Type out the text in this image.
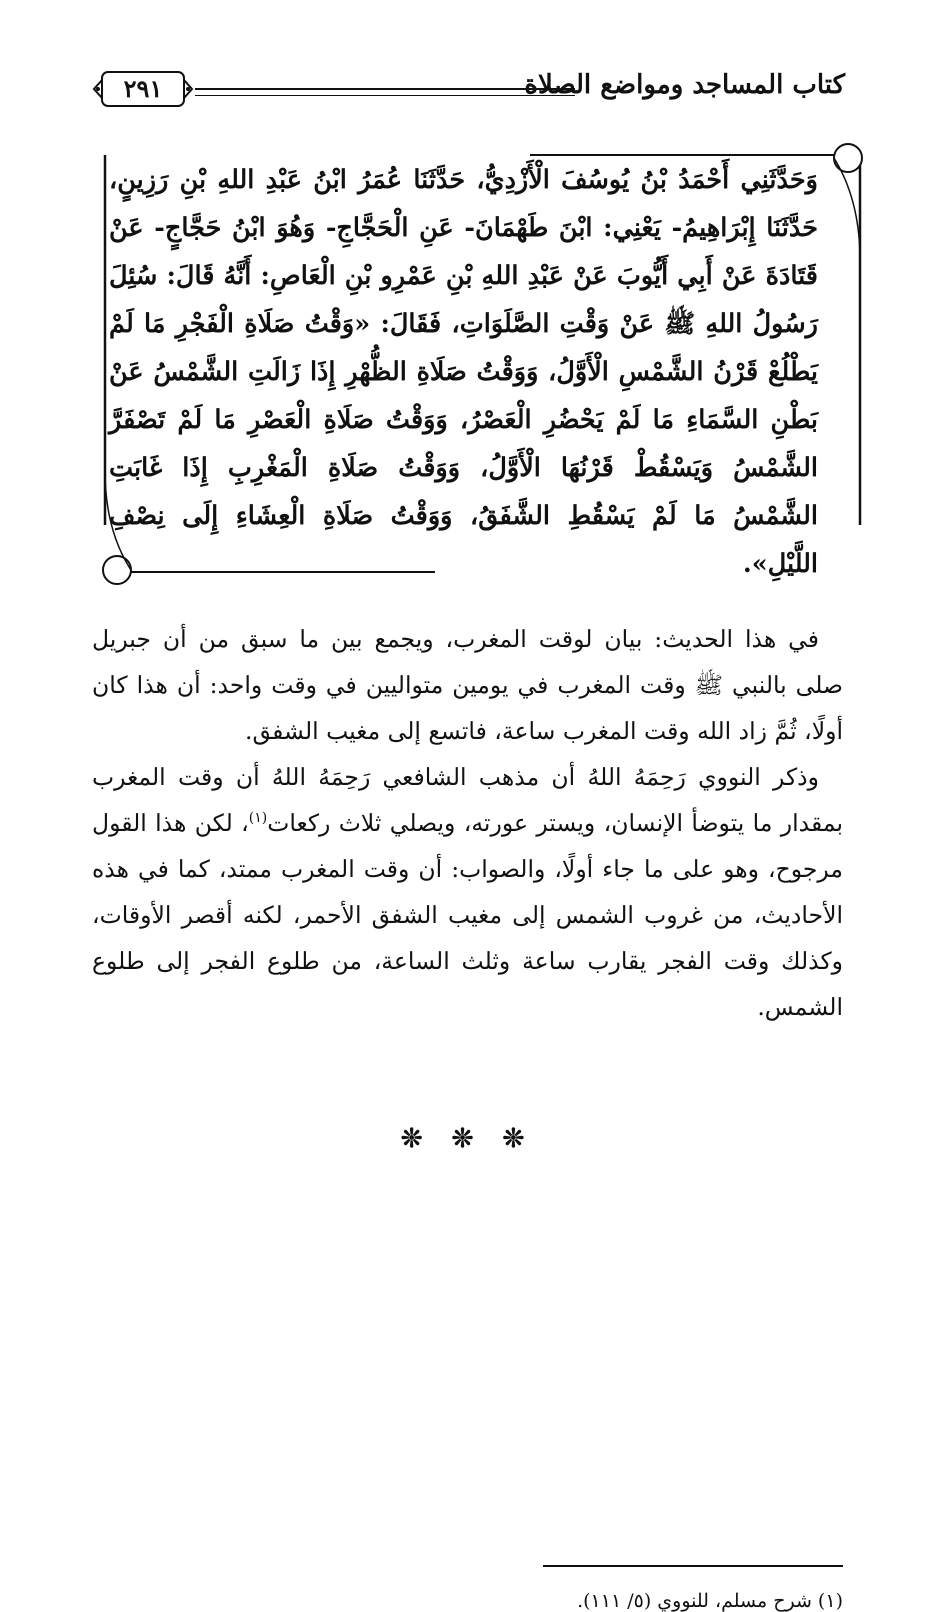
كتاب المساجد ومواضع الصلاة
٢٩١

وَحَدَّثَنِي أَحْمَدُ بْنُ يُوسُفَ الْأَزْدِيُّ، حَدَّثَنَا عُمَرُ ابْنُ عَبْدِ اللهِ بْنِ رَزِينٍ، حَدَّثَنَا إِبْرَاهِيمُ- يَعْنِي: ابْنَ طَهْمَانَ- عَنِ الْحَجَّاجِ- وَهُوَ ابْنُ حَجَّاجٍ- عَنْ قَتَادَةَ عَنْ أَبِي أَيُّوبَ عَنْ عَبْدِ اللهِ بْنِ عَمْرِو بْنِ الْعَاصِ: أَنَّهُ قَالَ: سُئِلَ رَسُولُ اللهِ ﷺ عَنْ وَقْتِ الصَّلَوَاتِ، فَقَالَ: «وَقْتُ صَلَاةِ الْفَجْرِ مَا لَمْ يَطْلُعْ قَرْنُ الشَّمْسِ الْأَوَّلُ، وَوَقْتُ صَلَاةِ الظُّهْرِ إِذَا زَالَتِ الشَّمْسُ عَنْ بَطْنِ السَّمَاءِ مَا لَمْ يَحْضُرِ الْعَصْرُ، وَوَقْتُ صَلَاةِ الْعَصْرِ مَا لَمْ تَصْفَرَّ الشَّمْسُ وَيَسْقُطْ قَرْنُهَا الْأَوَّلُ، وَوَقْتُ صَلَاةِ الْمَغْرِبِ إِذَا غَابَتِ الشَّمْسُ مَا لَمْ يَسْقُطِ الشَّفَقُ، وَوَقْتُ صَلَاةِ الْعِشَاءِ إِلَى نِصْفِ اللَّيْلِ».

في هذا الحديث: بيان لوقت المغرب، ويجمع بين ما سبق من أن جبريل صلى بالنبي ﷺ وقت المغرب في يومين متواليين في وقت واحد: أن هذا كان أولًا، ثُمَّ زاد الله وقت المغرب ساعة، فاتسع إلى مغيب الشفق.

وذكر النووي رَحِمَهُ اللهُ أن مذهب الشافعي رَحِمَهُ اللهُ أن وقت المغرب بمقدار ما يتوضأ الإنسان، ويستر عورته، ويصلي ثلاث ركعات$^{(١)}$، لكن هذا القول مرجوح، وهو على ما جاء أولًا، والصواب: أن وقت المغرب ممتد، كما في هذه الأحاديث، من غروب الشمس إلى مغيب الشفق الأحمر، لكنه أقصر الأوقات، وكذلك وقت الفجر يقارب ساعة وثلث الساعة، من طلوع الفجر إلى طلوع الشمس.

❊ ❊ ❊
(١) شرح مسلم، للنووي (٥/ ١١١).
